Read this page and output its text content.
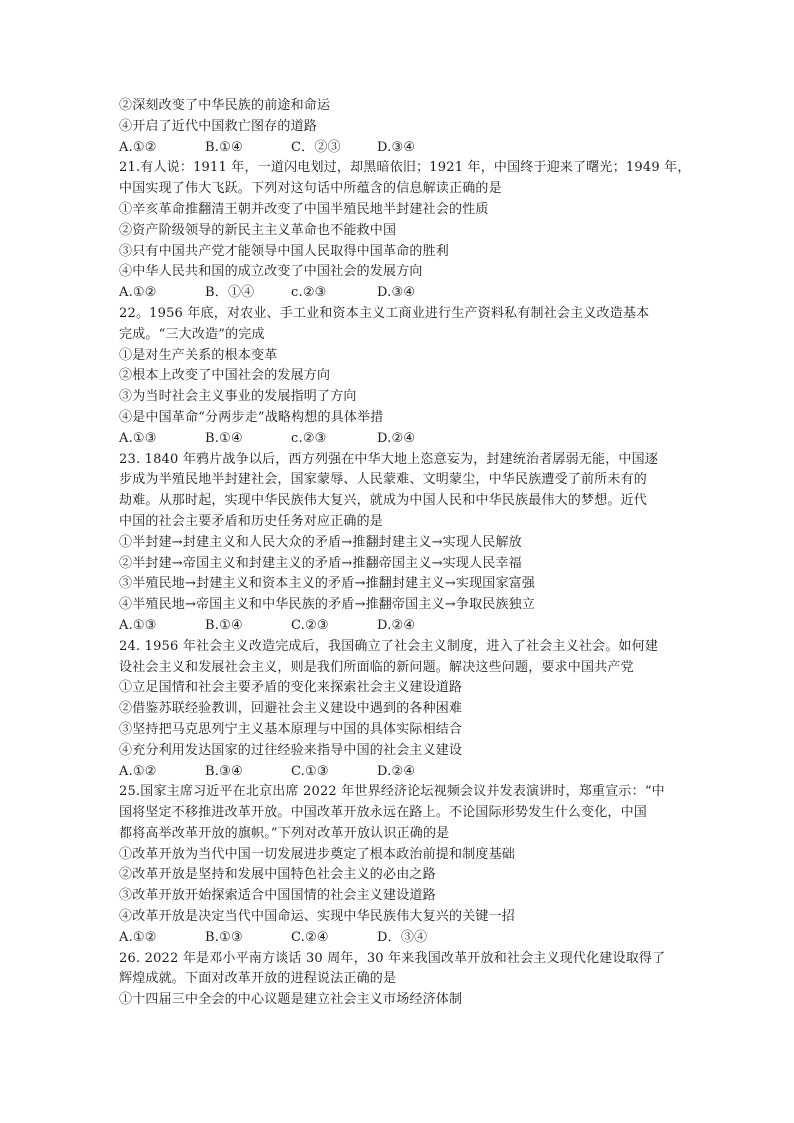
②深刻改变了中华民族的前途和命运
④开启了近代中国救亡图存的道路
A.①②	B.①④	C．②③	D.③④
21.有人说：1911 年，一道闪电划过，却黑暗依旧；1921 年，中国终于迎来了曙光；1949 年，
中国实现了伟大飞跃。下列对这句话中所蕴含的信息解读正确的是
①辛亥革命推翻清王朝并改变了中国半殖民地半封建社会的性质
②资产阶级领导的新民主主义革命也不能救中国
③只有中国共产党才能领导中国人民取得中国革命的胜利
④中华人民共和国的成立改变了中国社会的发展方向
A.①②	B．①④	c.②③	D.③④
22。1956 年底，对农业、手工业和资本主义工商业进行生产资料私有制社会主义改造基本
完成。“三大改造”的完成
①是对生产关系的根本变革
②根本上改变了中国社会的发展方向
③为当时社会主义事业的发展指明了方向
④是中国革命“分两步走”战略构想的具体举措
A.①③	B.①④	c.②③	D.②④
23. 1840 年鸦片战争以后，西方列强在中华大地上恣意妄为，封建统治者孱弱无能，中国逐
步成为半殖民地半封建社会，国家蒙辱、人民蒙难、文明蒙尘，中华民族遭受了前所未有的
劫难。从那时起，实现中华民族伟大复兴，就成为中国人民和中华民族最伟大的梦想。近代
中国的社会主要矛盾和历史任务对应正确的是
①半封建→封建主义和人民大众的矛盾→推翻封建主义→实现人民解放
②半封建→帝国主义和封建主义的矛盾→推翻帝国主义→实现人民幸福
③半殖民地→封建主义和资本主义的矛盾→推翻封建主义→实现国家富强
④半殖民地→帝国主义和中华民族的矛盾→推翻帝国主义→争取民族独立
A.①③	B.①④	C.②③	D.②④
24. 1956 年社会主义改造完成后，我国确立了社会主义制度，进入了社会主义社会。如何建
设社会主义和发展社会主义，则是我们所面临的新问题。解决这些问题，要求中国共产党
①立足国情和社会主要矛盾的变化来探索社会主义建设道路
②借鉴苏联经验教训，回避社会主义建设中遇到的各种困难
③坚持把马克思列宁主义基本原理与中国的具体实际相结合
④充分利用发达国家的过往经验来指导中国的社会主义建设
A.①②	B.③④	C.①③	D.②④
25.国家主席习近平在北京出席 2022 年世界经济论坛视频会议并发表演讲时，郑重宣示：“中
国将坚定不移推进改革开放。中国改革开放永远在路上。不论国际形势发生什么变化，中国
都将高举改革开放的旗帜。”下列对改革开放认识正确的是
①改革开放为当代中国一切发展进步奠定了根本政治前提和制度基础
②改革开放是坚持和发展中国特色社会主义的必由之路
③改革开放开始探索适合中国国情的社会主义建设道路
④改革开放是决定当代中国命运、实现中华民族伟大复兴的关键一招
A.①②	B.①③	C.②④	D．③④
26. 2022 年是邓小平南方谈话 30 周年，30 年来我国改革开放和社会主义现代化建设取得了
辉煌成就。下面对改革开放的进程说法正确的是
①十四届三中全会的中心议题是建立社会主义市场经济体制
